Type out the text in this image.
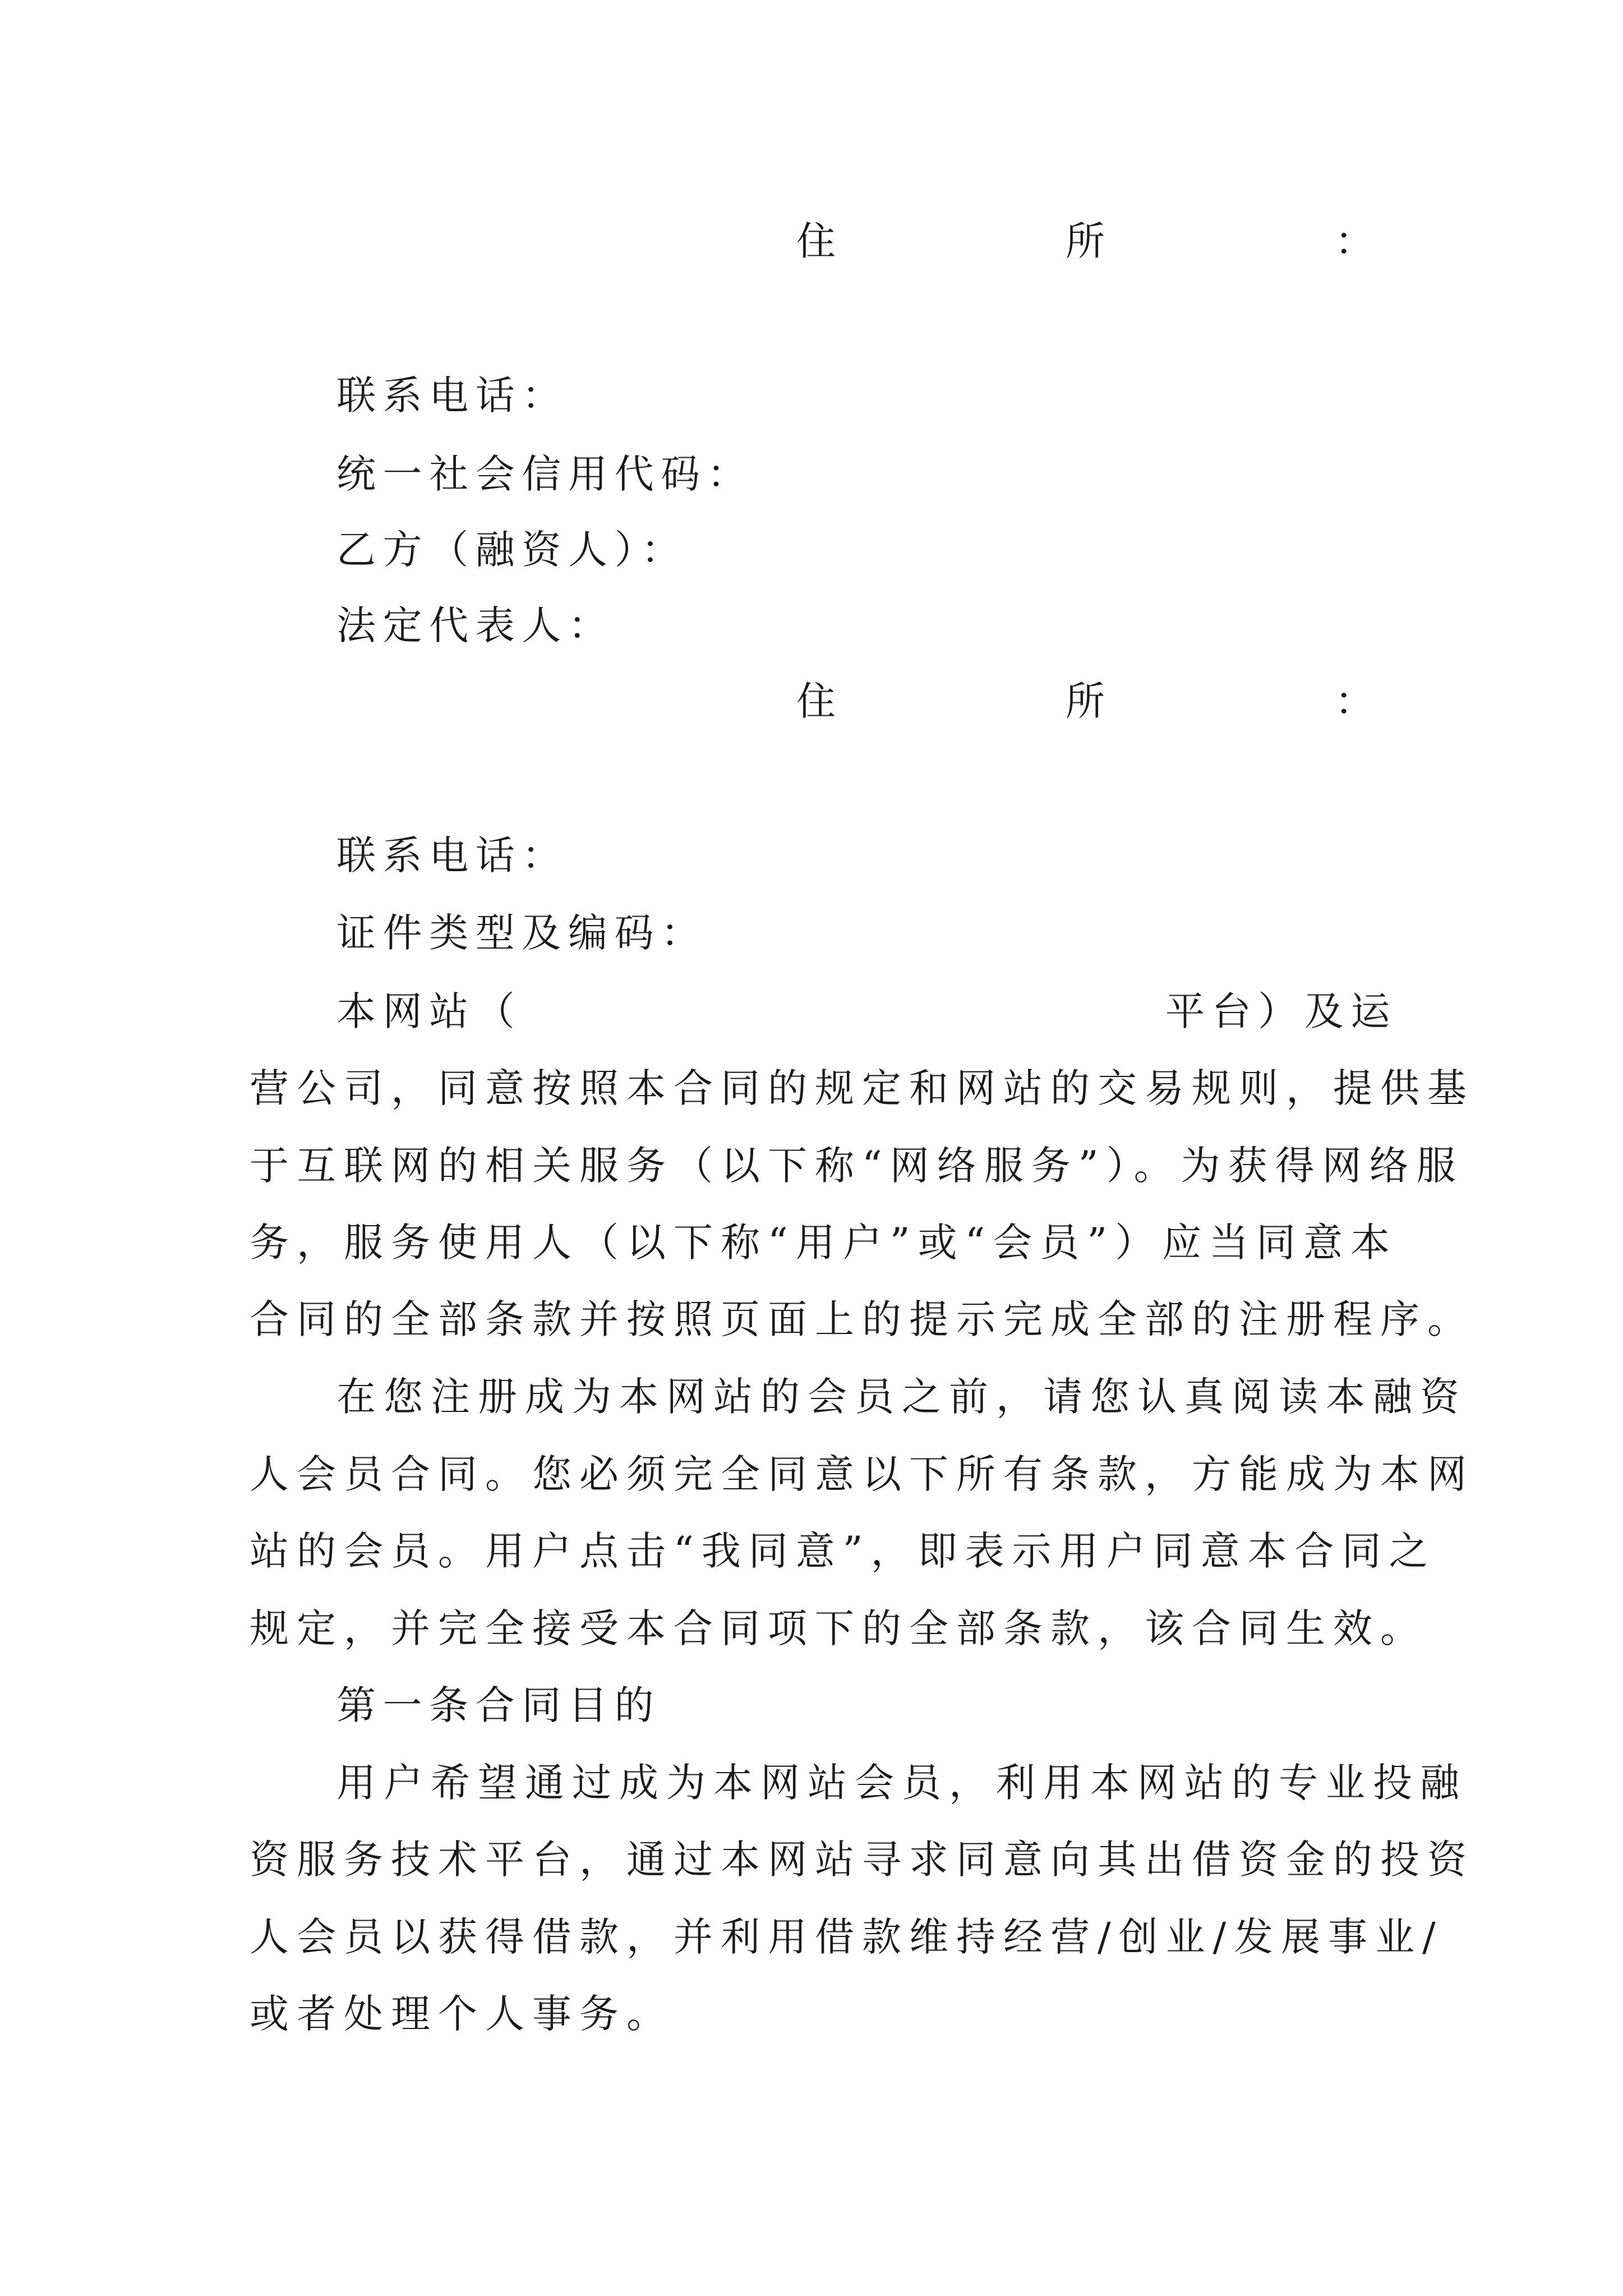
住	所	：

联系电话：

统一社会信用代码：

乙方（融资人）：

法定代表人：

住	所	：

联系电话：

证件类型及编码：

本网站（	平台）及运

营公司，同意按照本合同的规定和网站的交易规则，提供基

于互联网的相关服务（以下称“网络服务”）。为获得网络服

务，服务使用人（以下称“用户”或“会员”）应当同意本

合同的全部条款并按照页面上的提示完成全部的注册程序。

在您注册成为本网站的会员之前，请您认真阅读本融资

人会员合同。您必须完全同意以下所有条款，方能成为本网

站的会员。用户点击“我同意”，即表示用户同意本合同之

规定，并完全接受本合同项下的全部条款，该合同生效。

第一条合同目的

用户希望通过成为本网站会员，利用本网站的专业投融

资服务技术平台，通过本网站寻求同意向其出借资金的投资

人会员以获得借款，并利用借款维持经营/创业/发展事业/

或者处理个人事务。
